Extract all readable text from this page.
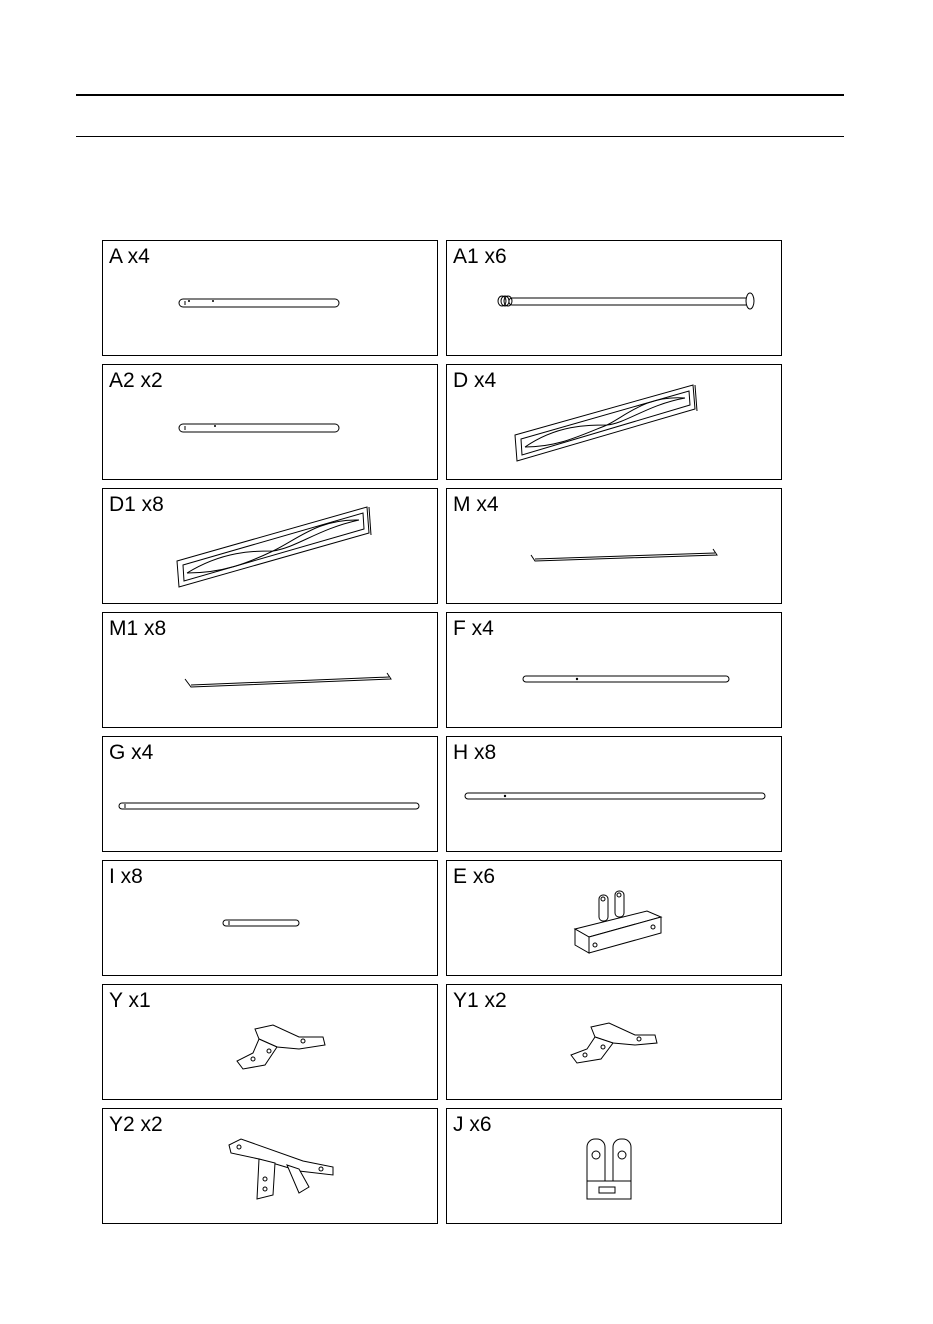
A x4	A1 x6
A2 x2	D x4
D1 x8	M x4
M1 x8	F x4
G x4	H x8
I x8	E x6
Y x1	Y1 x2
Y2 x2	J x6
